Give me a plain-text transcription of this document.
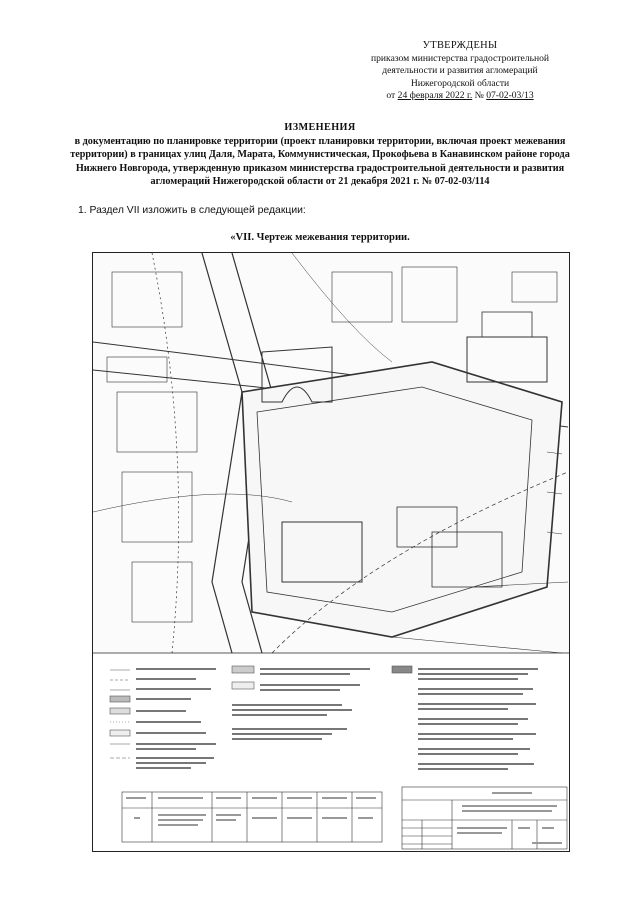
УТВЕРЖДЕНЫ
приказом министерства градостроительной
деятельности и развития агломераций
Нижегородской области
от 24 февраля 2022 г. № 07-02-03/13
ИЗМЕНЕНИЯ
в документацию по планировке территории (проект планировки территории, включая проект межевания территории) в границах улиц Даля, Марата, Коммунистическая, Прокофьева в Канавинском районе города Нижнего Новгорода, утвержденную приказом министерства градостроительной деятельности и развития агломераций Нижегородской области от 21 декабря 2021 г. № 07-02-03/114
1. Раздел VII изложить в следующей редакции:
«VII. Чертеж межевания территории.
